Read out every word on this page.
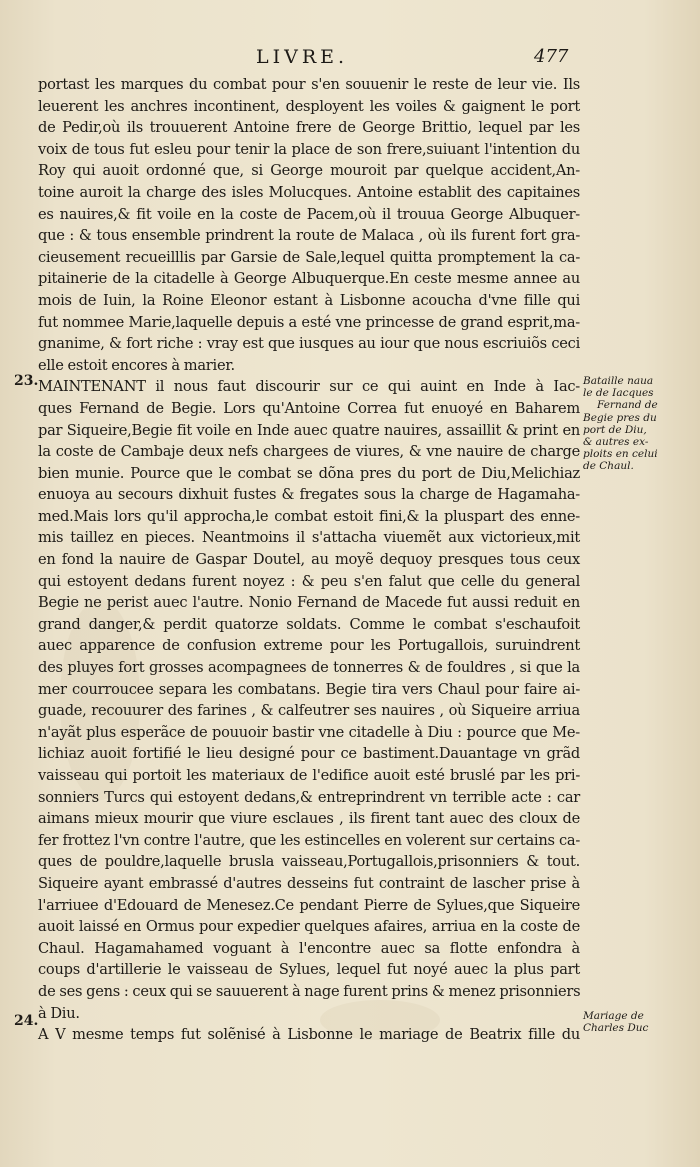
LIVRE.	477
23.
24.
portast les marques du combat pour s'en souuenir le reste de leur vie. Ils
leuerent les anchres incontinent, desployent les voiles & gaignent le port
de Pedir,où ils trouuerent Antoine frere de George Brittio, lequel par les
voix de tous fut esleu pour tenir la place de son frere,suiuant l'intention du
Roy qui auoit ordonné que, si George mouroit par quelque accident,An-
toine auroit la charge des isles Molucques. Antoine establit des capitaines
es nauires,& fit voile en la coste de Pacem,où il trouua George Albuquer-
que : & tous ensemble prindrent la route de Malaca , où ils furent fort gra-
cieusement recueilllis par Garsie de Sale,lequel quitta promptement la ca-
pitainerie de la citadelle à George Albuquerque.En ceste mesme annee au
mois de Iuin, la Roine Eleonor estant à Lisbonne acoucha d'vne fille qui
fut nommee Marie,laquelle depuis a esté vne princesse de grand esprit,ma-
gnanime, & fort riche : vray est que iusques au iour que nous escriuiõs ceci
elle estoit encores à marier.
MAINTENANT il nous faut discourir sur ce qui auint en Inde à Iac-
ques Fernand de Begie. Lors qu'Antoine Correa fut enuoyé en Baharem
par Siqueire,Begie fit voile en Inde auec quatre nauires, assaillit & print en
la coste de Cambaje deux nefs chargees de viures, & vne nauire de charge
bien munie. Pource que le combat se dõna pres du port de Diu,Melichiaz
enuoya au secours dixhuit fustes & fregates sous la charge de Hagamaha-
med.Mais lors qu'il approcha,le combat estoit fini,& la pluspart des enne-
mis taillez en pieces. Neantmoins il s'attacha viuemẽt aux victorieux,mit
en fond la nauire de Gaspar Doutel, au moyẽ dequoy presques tous ceux
qui estoyent dedans furent noyez : & peu s'en falut que celle du general
Begie ne perist auec l'autre. Nonio Fernand de Macede fut aussi reduit en
grand danger,& perdit quatorze soldats. Comme le combat s'eschaufoit
auec apparence de confusion extreme pour les Portugallois, suruindrent
des pluyes fort grosses acompagnees de tonnerres & de fouldres , si que la
mer courroucee separa les combatans. Begie tira vers Chaul pour faire ai-
guade, recouurer des farines , & calfeutrer ses nauires , où Siqueire arriua
n'ayãt plus esperãce de pouuoir bastir vne citadelle à Diu : pource que Me-
lichiaz auoit fortifié le lieu designé pour ce bastiment.Dauantage vn grãd
vaisseau qui portoit les materiaux de l'edifice auoit esté bruslé par les pri-
sonniers Turcs qui estoyent dedans,& entreprindrent vn terrible acte : car
aimans mieux mourir que viure esclaues , ils firent tant auec des cloux de
fer frottez l'vn contre l'autre, que les estincelles en volerent sur certains ca-
ques de pouldre,laquelle brusla vaisseau,Portugallois,prisonniers & tout.
Siqueire ayant embrassé d'autres desseins fut contraint de lascher prise à
l'arriuee d'Edouard de Menesez.Ce pendant Pierre de Sylues,que Siqueire
auoit laissé en Ormus pour expedier quelques afaires, arriua en la coste de
Chaul. Hagamahamed voguant à l'encontre auec sa flotte enfondra à
coups d'artillerie le vaisseau de Sylues, lequel fut noyé auec la plus part
de ses gens : ceux qui se sauuerent à nage furent prins & menez prisonniers
à Diu.
A V mesme temps fut solẽnisé à Lisbonne le mariage de Beatrix fille du
Bataille naua
le de Iacques
Fernand de
Begie pres du
port de Diu,
& autres ex-
ploits en celui
de Chaul.
Mariage de
Charles Duc
